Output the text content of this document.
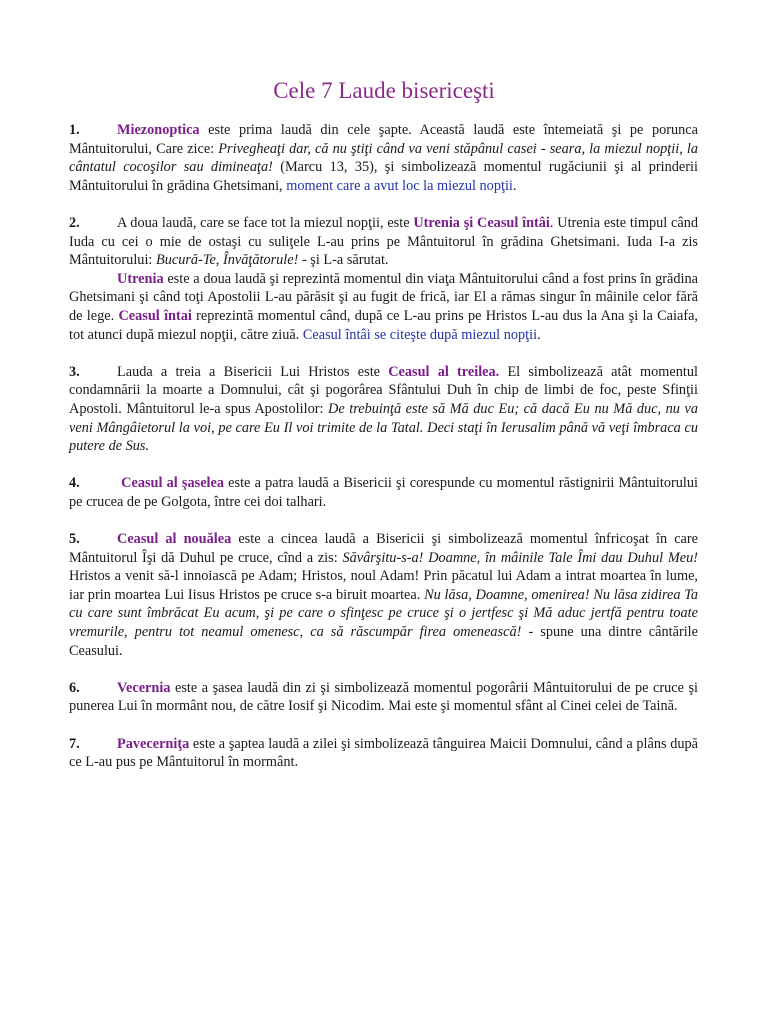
Cele 7 Laude bisericeşti

1.	Miezonoptica este prima laudă din cele şapte. Această laudă este întemeiată şi pe porunca Mântuitorului, Care zice: Privegheaţi dar, că nu ştiţi când va veni stăpânul casei - seara, la miezul nopţii, la cântatul cocoşilor sau dimineaţa! (Marcu 13, 35), şi simbolizează momentul rugăciunii şi al prinderii Mântuitorului în grădina Ghetsimani, moment care a avut loc la miezul nopţii.

2.	A doua laudă, care se face tot la miezul nopţii, este Utrenia şi Ceasul întâi. Utrenia este timpul când Iuda cu cei o mie de ostaşi cu suliţele L-au prins pe Mântuitorul în grădina Ghetsimani. Iuda I-a zis Mântuitorului: Bucură-Te, Învăţătorule! - şi L-a sărutat.

Utrenia este a doua laudă şi reprezintă momentul din viaţa Mântuitorului când a fost prins în grădina Ghetsimani şi când toţi Apostolii L-au părăsit şi au fugit de frică, iar El a rămas singur în mâinile celor fără de lege. Ceasul întai reprezintă momentul când, după ce L-au prins pe Hristos L-au dus la Ana şi la Caiafa, tot atunci după miezul nopţii, către ziuă. Ceasul întâi se citeşte după miezul nopţii.

3.	Lauda a treia a Bisericii Lui Hristos este Ceasul al treilea. El simbolizează atât momentul condamnării la moarte a Domnului, cât şi pogorârea Sfântului Duh în chip de limbi de foc, peste Sfinţii Apostoli. Mântuitorul le-a spus Apostolilor: De trebuinţă este să Mă duc Eu; că dacă Eu nu Mă duc, nu va veni Mângâietorul la voi, pe care Eu Il voi trimite de la Tatal. Deci staţi în Ierusalim până vă veţi îmbraca cu putere de Sus.

4.	Ceasul al şaselea este a patra laudă a Bisericii şi corespunde cu momentul răstignirii Mântuitorului pe crucea de pe Golgota, între cei doi talhari.

5.	Ceasul al nouălea este a cincea laudă a Bisericii şi simbolizează momentul înfricoşat în care Mântuitorul Îşi dă Duhul pe cruce, cînd a zis: Săvârşitu-s-a! Doamne, în mâinile Tale Îmi dau Duhul Meu! Hristos a venit să-l innoiască pe Adam; Hristos, noul Adam! Prin păcatul lui Adam a intrat moartea în lume, iar prin moartea Lui Iisus Hristos pe cruce s-a biruit moartea. Nu lăsa, Doamne, omenirea! Nu lăsa zidirea Ta cu care sunt îmbrăcat Eu acum, şi pe care o sfinţesc pe cruce şi o jertfesc şi Mă aduc jertfă pentru toate vremurile, pentru tot neamul omenesc, ca să răscumpăr firea omenească! - spune una dintre cântările Ceasului.

6.	Vecernia este a şasea laudă din zi şi simbolizează momentul pogorârii Mântuitorului de pe cruce şi punerea Lui în mormânt nou, de către Iosif şi Nicodim. Mai este şi momentul sfânt al Cinei celei de Taină.

7.	Pavecerniţa este a şaptea laudă a zilei şi simbolizează tânguirea Maicii Domnului, când a plâns după ce L-au pus pe Mântuitorul în mormânt.
